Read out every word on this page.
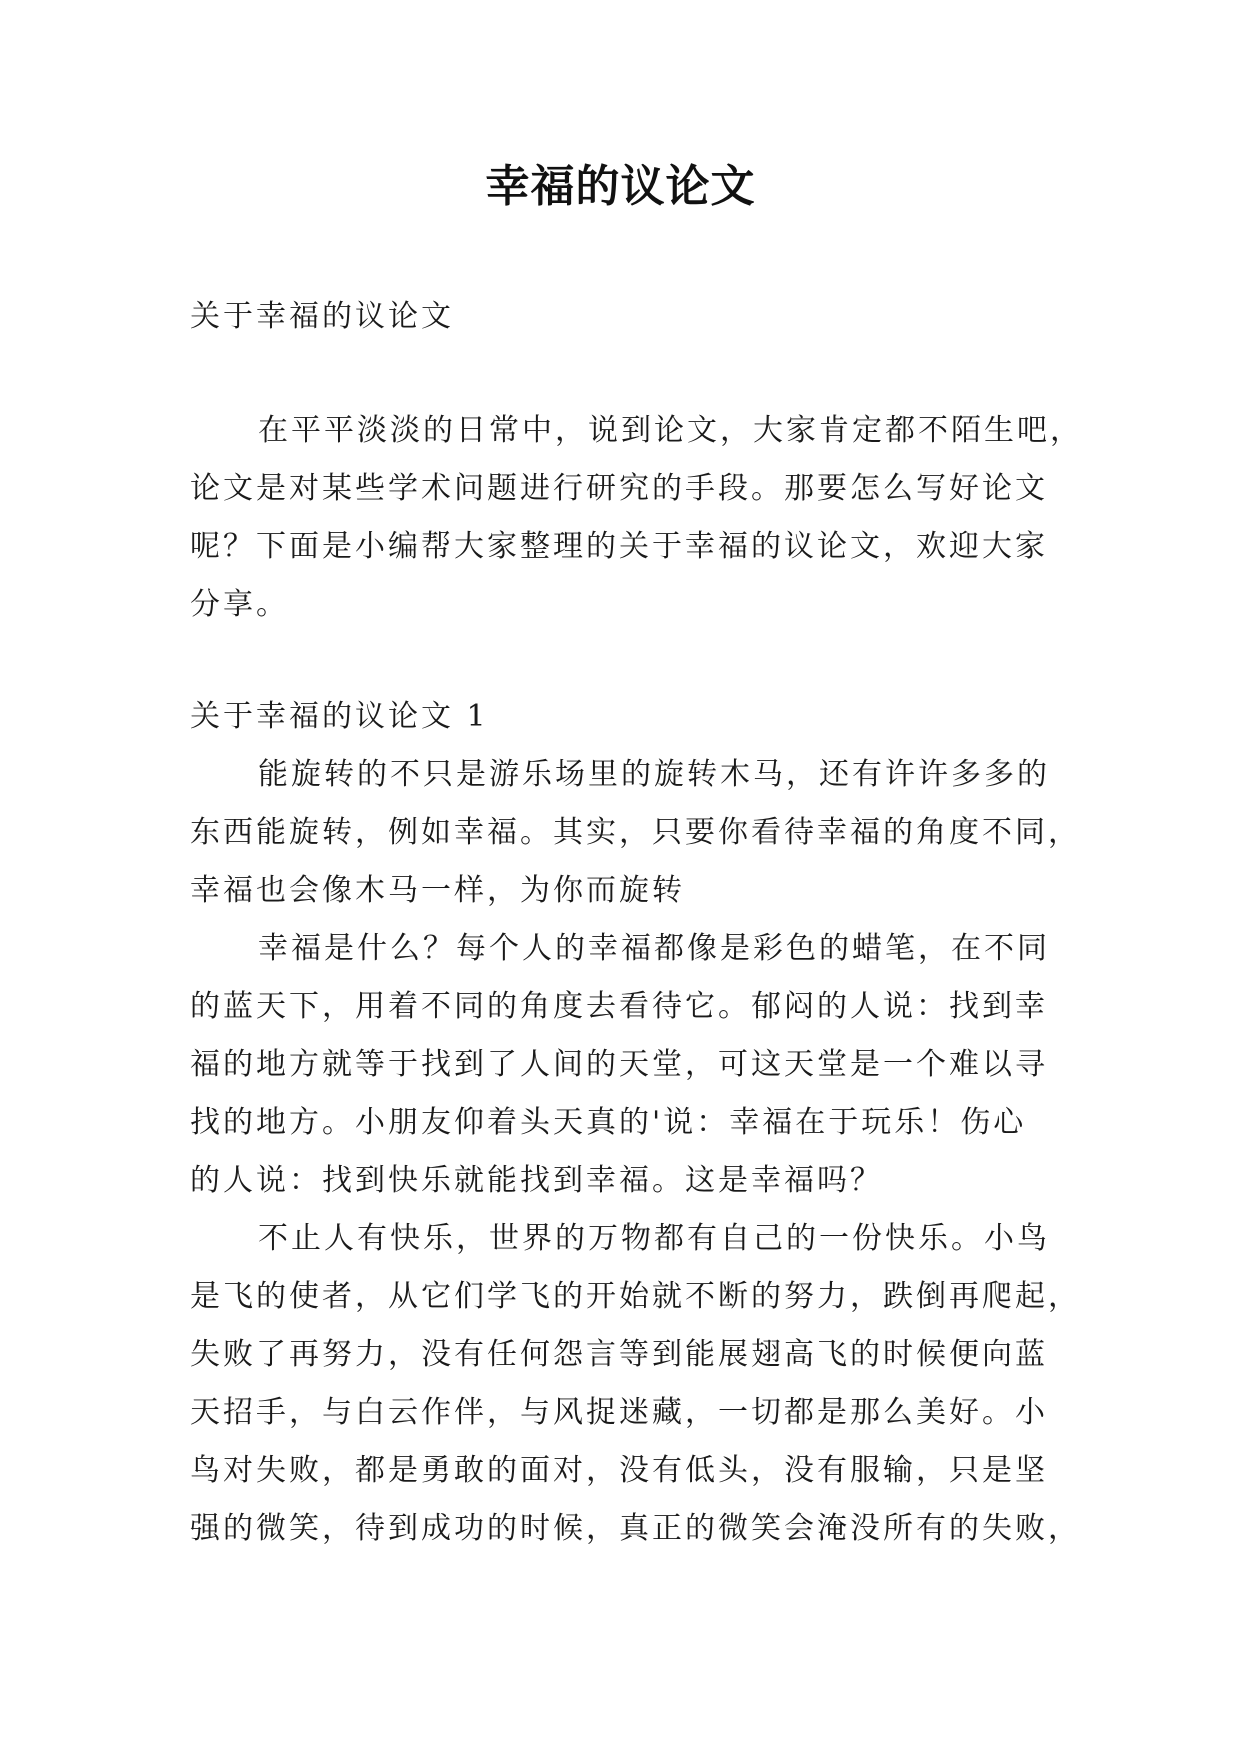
幸福的议论文
关于幸福的议论文
在平平淡淡的日常中，说到论文，大家肯定都不陌生吧，
论文是对某些学术问题进行研究的手段。那要怎么写好论文
呢？下面是小编帮大家整理的关于幸福的议论文，欢迎大家
分享。
关于幸福的议论文 1
能旋转的不只是游乐场里的旋转木马，还有许许多多的
东西能旋转，例如幸福。其实，只要你看待幸福的角度不同，
幸福也会像木马一样，为你而旋转
幸福是什么？每个人的幸福都像是彩色的蜡笔，在不同
的蓝天下，用着不同的角度去看待它。郁闷的人说：找到幸
福的地方就等于找到了人间的天堂，可这天堂是一个难以寻
找的地方。小朋友仰着头天真的'说：幸福在于玩乐！伤心
的人说：找到快乐就能找到幸福。这是幸福吗？
不止人有快乐，世界的万物都有自己的一份快乐。小鸟
是飞的使者，从它们学飞的开始就不断的努力，跌倒再爬起，
失败了再努力，没有任何怨言等到能展翅高飞的时候便向蓝
天招手，与白云作伴，与风捉迷藏，一切都是那么美好。小
鸟对失败，都是勇敢的面对，没有低头，没有服输，只是坚
强的微笑，待到成功的时候，真正的微笑会淹没所有的失败，
